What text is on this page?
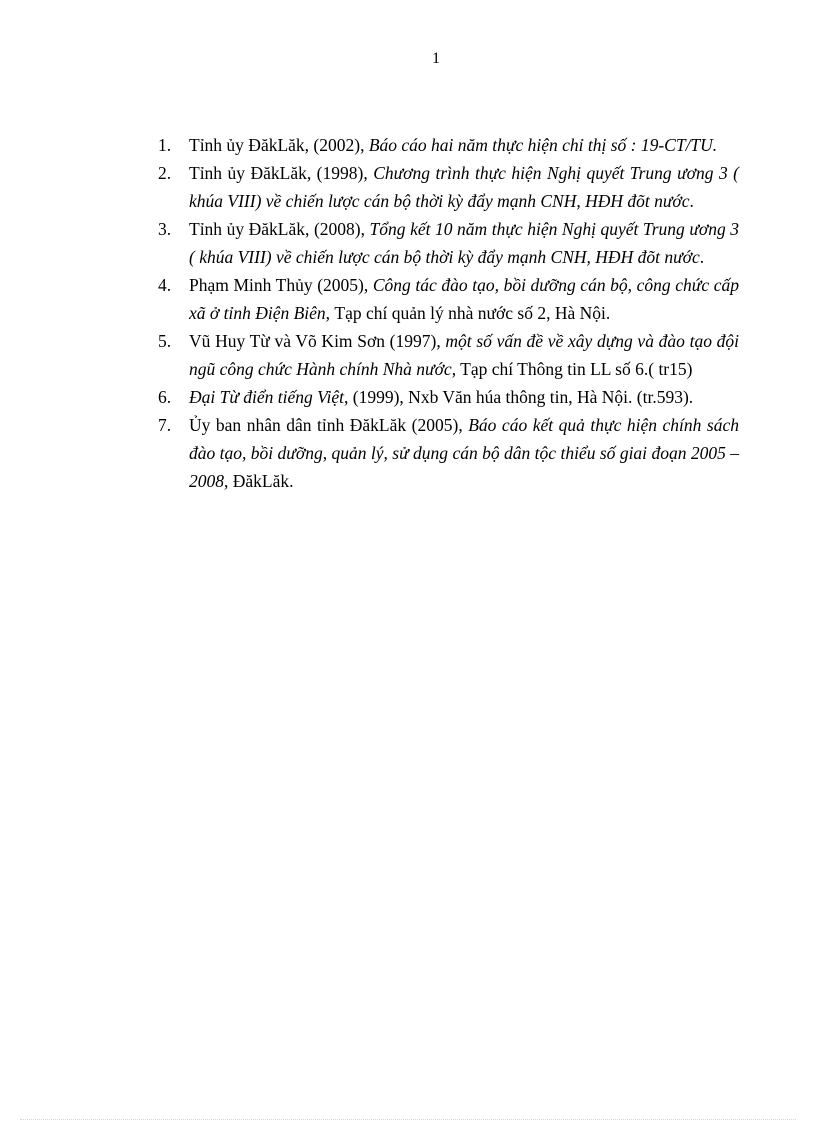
1
1. Tỉnh ủy ĐăkLăk, (2002), Báo cáo hai năm thực hiện chỉ thị số : 19-CT/TU.
2. Tỉnh ủy ĐăkLăk, (1998), Chương trình thực hiện Nghị quyết Trung ương 3 ( khúa VIII) về chiến lược cán bộ thời kỳ đẩy mạnh CNH, HĐH đõt nước.
3. Tỉnh ủy ĐăkLăk, (2008), Tổng kết 10 năm thực hiện Nghị quyết Trung ương 3 ( khúa VIII) về chiến lược cán bộ thời kỳ đẩy mạnh CNH, HĐH đõt nước.
4. Phạm Minh Thủy (2005), Công tác đào tạo, bồi dưỡng cán bộ, công chức cấp xã ở tỉnh Điện Biên, Tạp chí quản lý nhà nước số 2, Hà Nội.
5. Vũ Huy Từ và Võ Kim Sơn (1997), một số vấn đề về xây dựng và đào tạo đội ngũ công chức Hành chính Nhà nước, Tạp chí Thông tin LL số 6.( tr15)
6. Đại Từ điển tiếng Việt, (1999), Nxb Văn húa thông tin, Hà Nội. (tr.593).
7. Ủy ban nhân dân tỉnh ĐăkLăk (2005), Báo cáo kết quả thực hiện chính sách đào tạo, bồi dưỡng, quản lý, sử dụng cán bộ dân tộc thiểu số giai đoạn 2005 – 2008, ĐăkLăk.
